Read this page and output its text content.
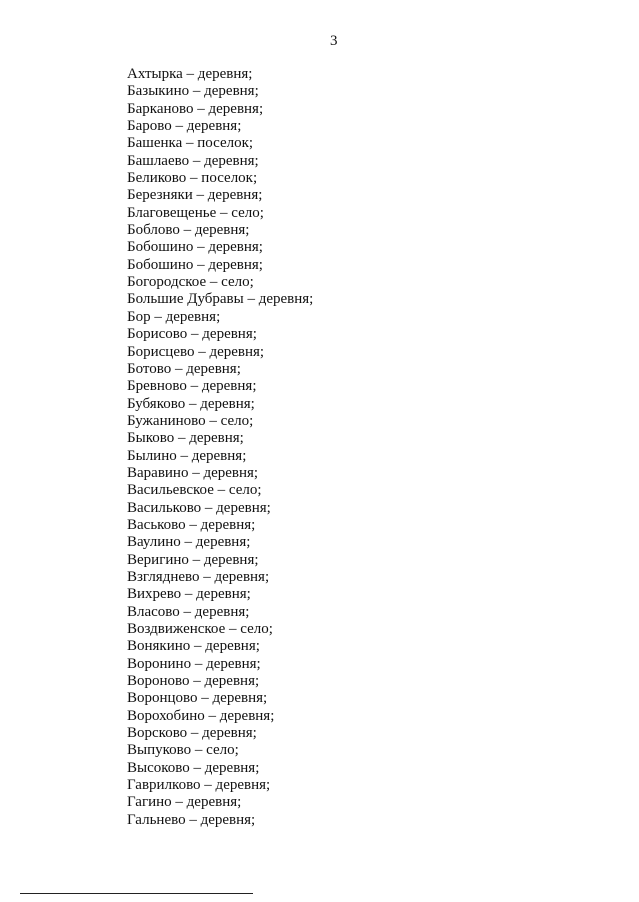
3
Ахтырка – деревня;
Базыкино – деревня;
Барканово – деревня;
Барово – деревня;
Башенка – поселок;
Башлаево – деревня;
Беликово – поселок;
Березняки – деревня;
Благовещенье – село;
Боблово – деревня;
Бобошино – деревня;
Бобошино – деревня;
Богородское – село;
Большие Дубравы – деревня;
Бор – деревня;
Борисово – деревня;
Борисцево – деревня;
Ботово – деревня;
Бревново – деревня;
Бубяково – деревня;
Бужаниново – село;
Быково – деревня;
Былино – деревня;
Варавино – деревня;
Васильевское – село;
Васильково – деревня;
Васьково – деревня;
Ваулино – деревня;
Веригино – деревня;
Взгляднево – деревня;
Вихрево – деревня;
Власово – деревня;
Воздвиженское – село;
Вонякино – деревня;
Воронино – деревня;
Вороново – деревня;
Воронцово – деревня;
Ворохобино – деревня;
Ворсково – деревня;
Выпуково – село;
Высоково – деревня;
Гаврилково – деревня;
Гагино – деревня;
Гальнево – деревня;
